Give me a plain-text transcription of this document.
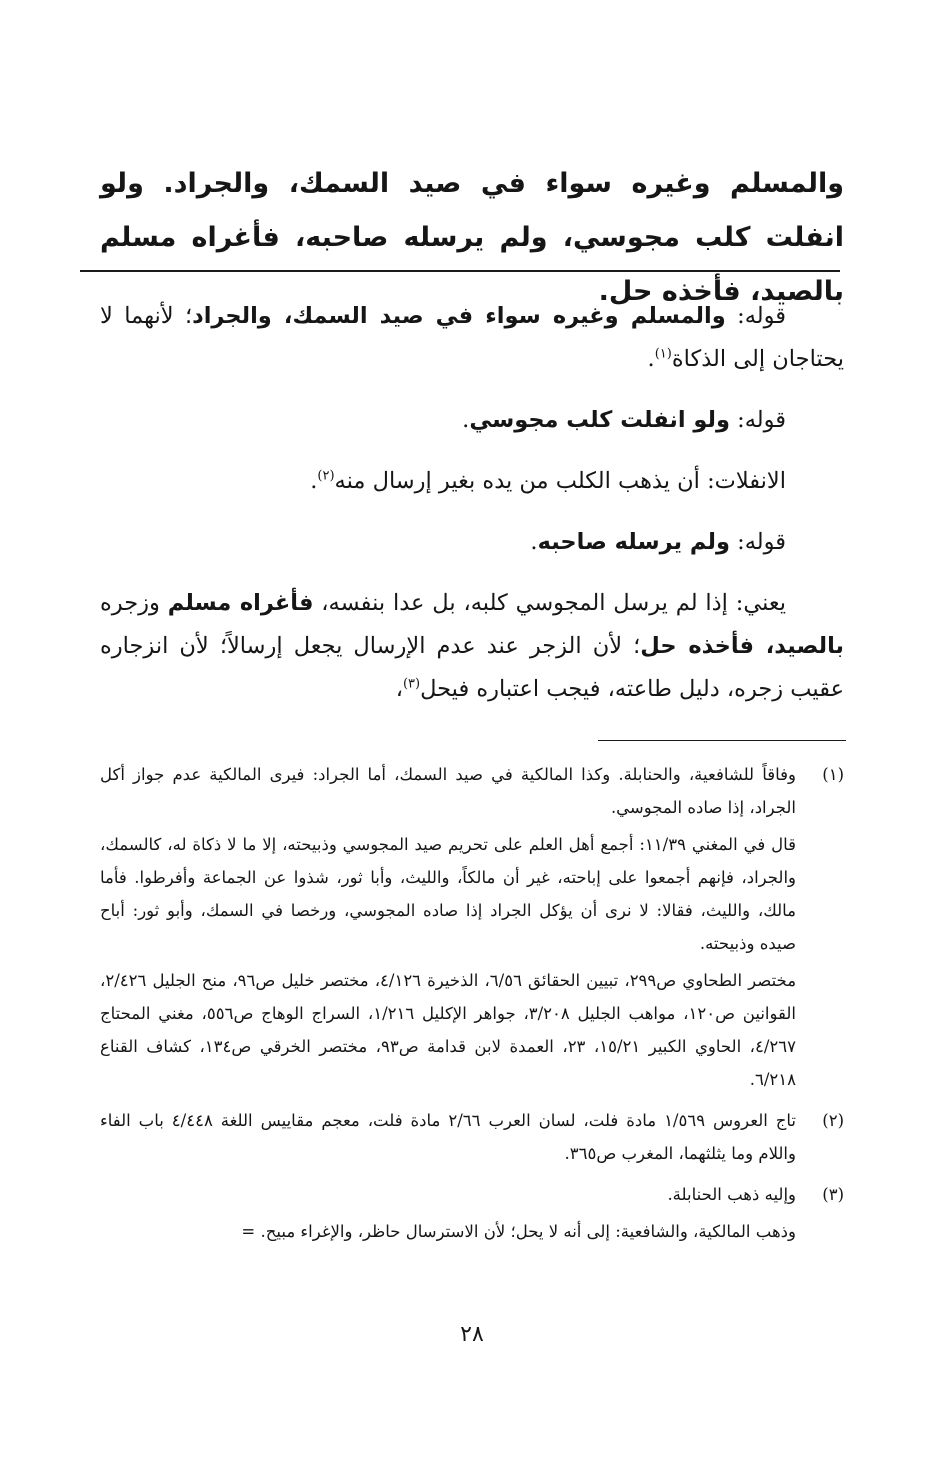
والمسلم وغيره سواء في صيد السمك، والجراد. ولو انفلت كلب مجوسي، ولم يرسله صاحبه، فأغراه مسلم بالصيد، فأخذه حل.

قوله: والمسلم وغيره سواء في صيد السمك، والجراد؛ لأنهما لا يحتاجان إلى الذكاة$^{(١)}$.

قوله: ولو انفلت كلب مجوسي.

الانفلات: أن يذهب الكلب من يده بغير إرسال منه$^{(٢)}$.

قوله: ولم يرسله صاحبه.

يعني: إذا لم يرسل المجوسي كلبه، بل عدا بنفسه، فأغراه مسلم وزجره بالصيد، فأخذه حل؛ لأن الزجر عند عدم الإرسال يجعل إرسالاً؛ لأن انزجاره عقيب زجره، دليل طاعته، فيجب اعتباره فيحل$^{(٣)}$،

(١)

وفاقاً للشافعية، والحنابلة. وكذا المالكية في صيد السمك، أما الجراد: فيرى المالكية عدم جواز أكل الجراد، إذا صاده المجوسي.

قال في المغني ١١/٣٩: أجمع أهل العلم على تحريم صيد المجوسي وذبيحته، إلا ما لا ذكاة له، كالسمك، والجراد، فإنهم أجمعوا على إباحته، غير أن مالكاً، والليث، وأبا ثور، شذوا عن الجماعة وأفرطوا. فأما مالك، والليث، فقالا: لا نرى أن يؤكل الجراد إذا صاده المجوسي، ورخصا في السمك، وأبو ثور: أباح صيده وذبيحته.

مختصر الطحاوي ص٢٩٩، تبيين الحقائق ٦/٥٦، الذخيرة ٤/١٢٦، مختصر خليل ص٩٦، منح الجليل ٢/٤٢٦، القوانين ص١٢٠، مواهب الجليل ٣/٢٠٨، جواهر الإكليل ١/٢١٦، السراج الوهاج ص٥٥٦، مغني المحتاج ٤/٢٦٧، الحاوي الكبير ١٥/٢١، ٢٣، العمدة لابن قدامة ص٩٣، مختصر الخرقي ص١٣٤، كشاف القناع ٦/٢١٨.

(٢)

تاج العروس ١/٥٦٩ مادة فلت، لسان العرب ٢/٦٦ مادة فلت، معجم مقاييس اللغة ٤/٤٤٨ باب الفاء واللام وما يثلثهما، المغرب ص٣٦٥.

(٣)

وإليه ذهب الحنابلة.

وذهب المالكية، والشافعية: إلى أنه لا يحل؛ لأن الاسترسال حاظر، والإغراء مبيح. =

٢٨
